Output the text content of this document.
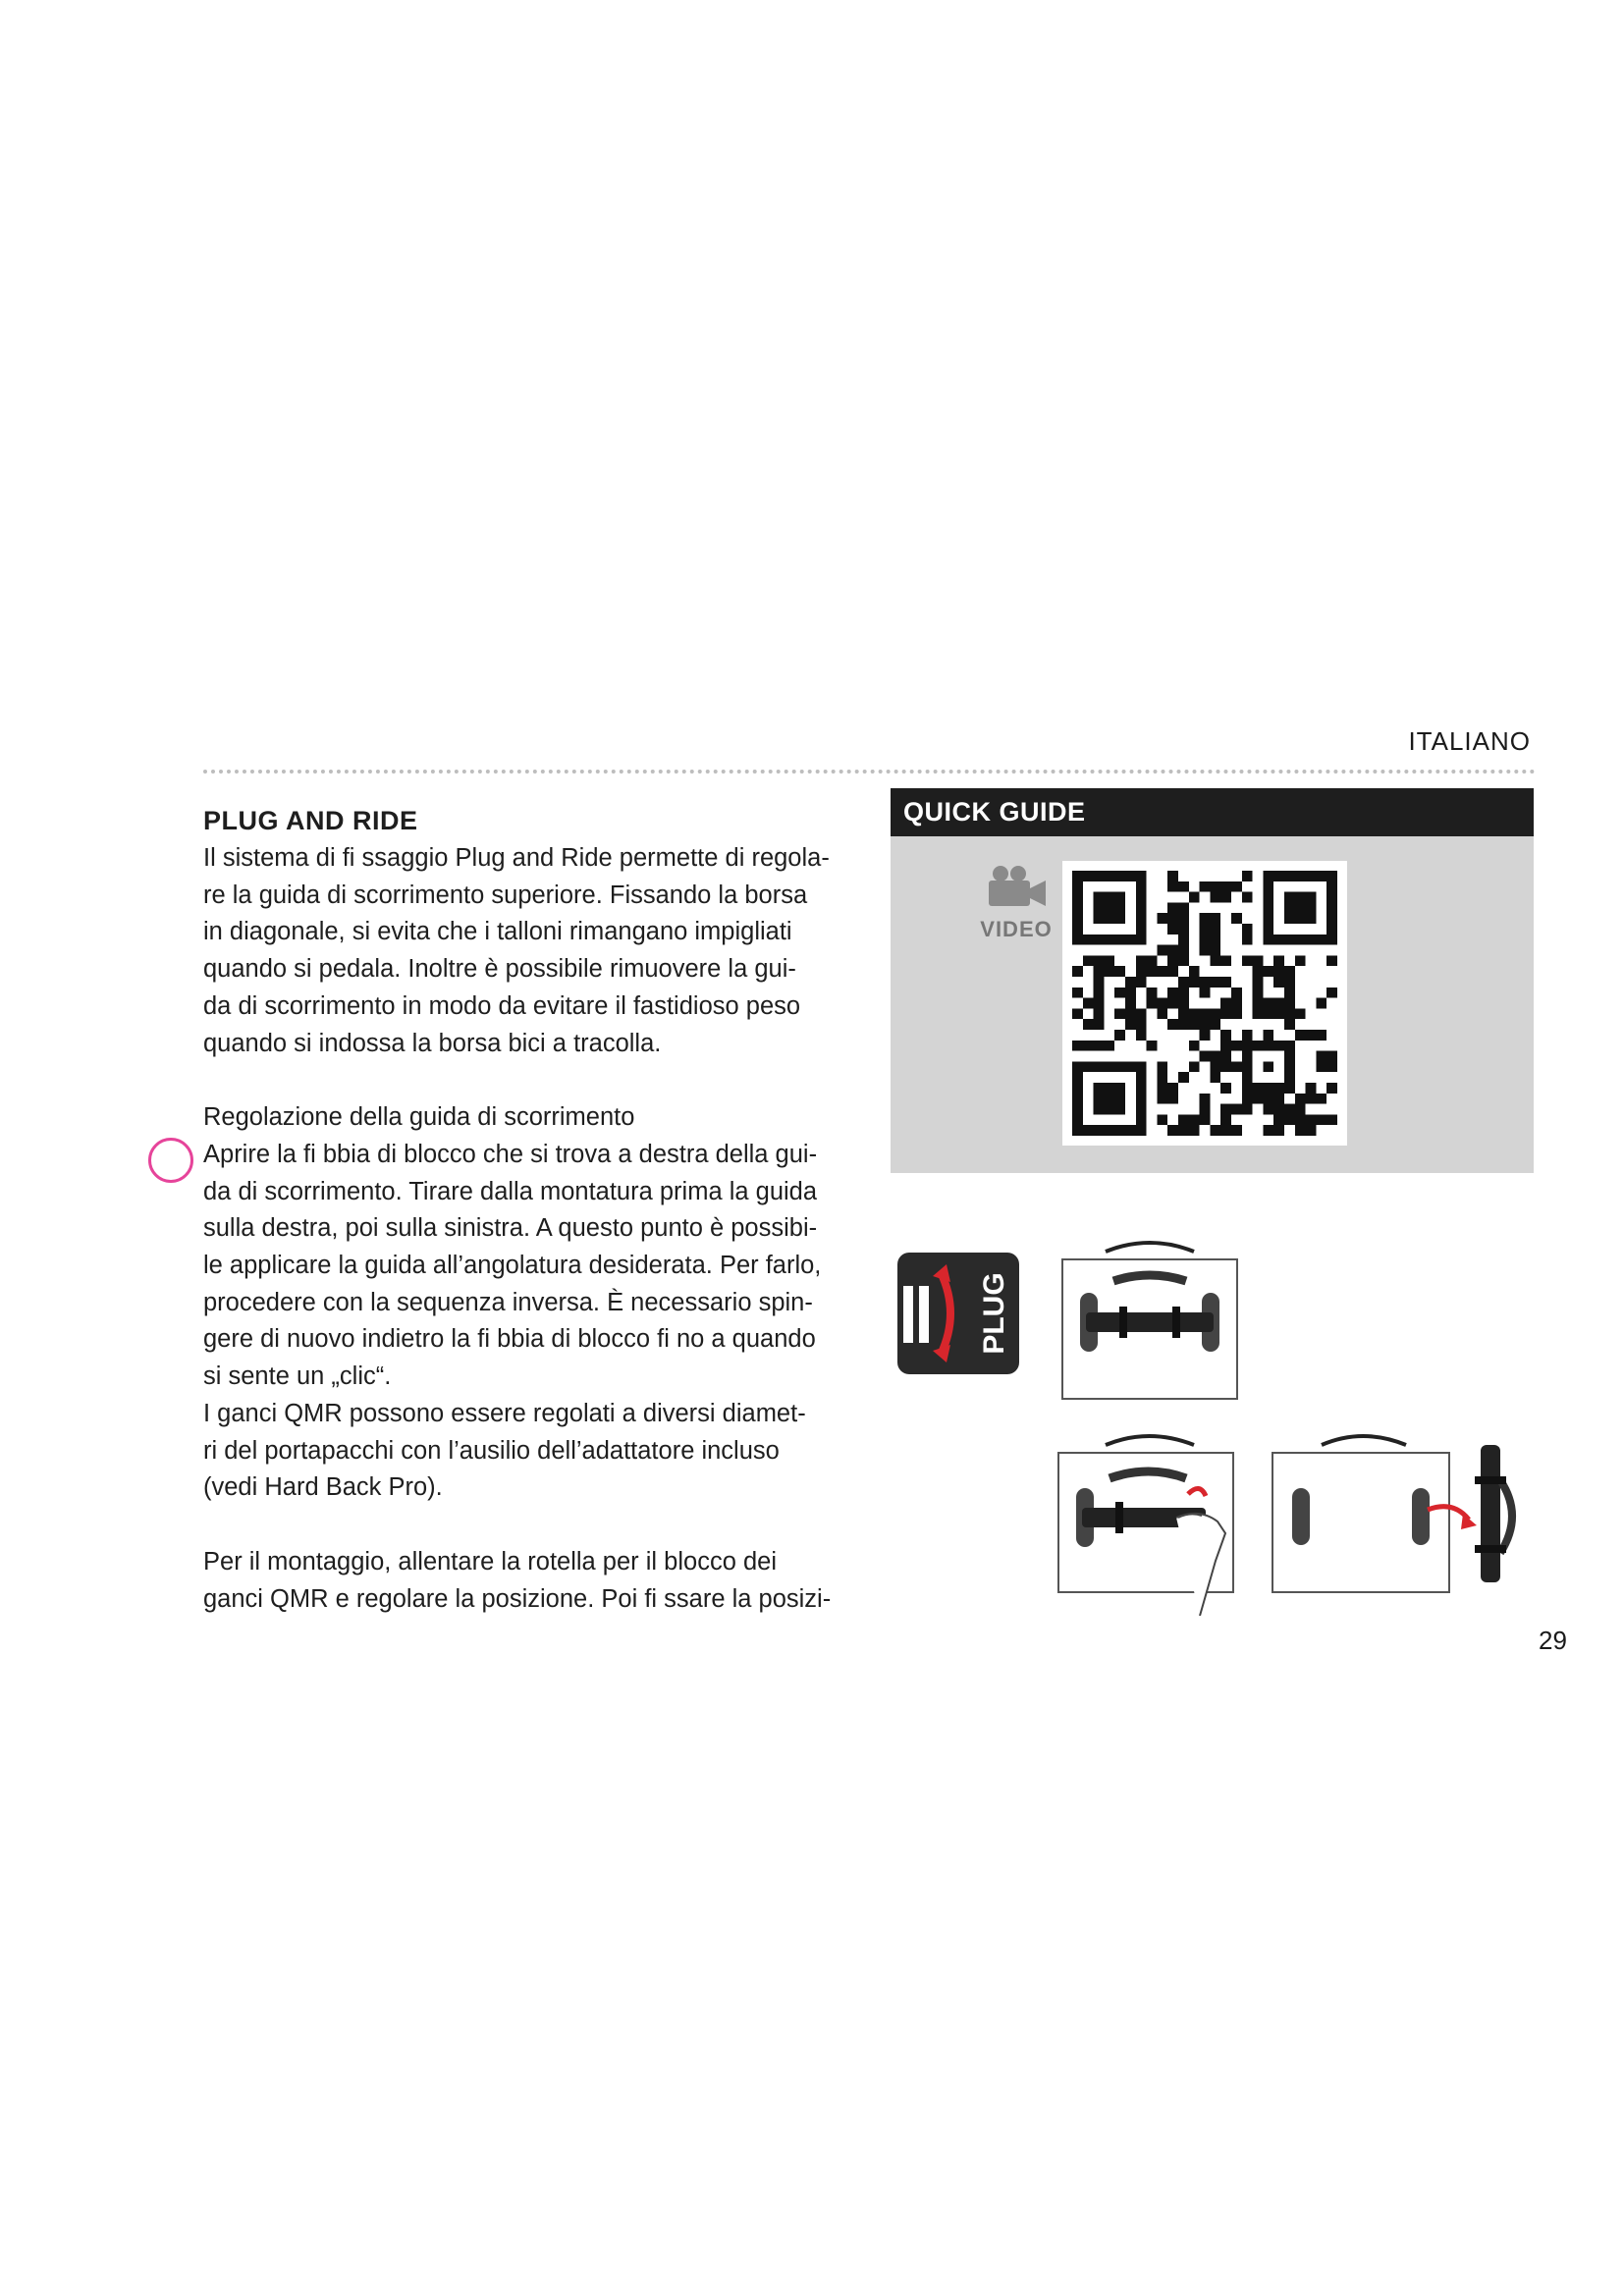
ITALIANO
PLUG AND RIDE

Il sistema di fi ssaggio Plug and Ride permette di regola-
re la guida di scorrimento superiore. Fissando la borsa
in diagonale, si evita che i talloni rimangano impigliati
quando si pedala. Inoltre è possibile rimuovere la gui-
da di scorrimento in modo da evitare il fastidioso peso
quando si indossa la borsa bici a tracolla.

Regolazione della guida di scorrimento

Aprire la fi bbia di blocco che si trova a destra della gui-
da di scorrimento. Tirare dalla montatura prima la guida
sulla destra, poi sulla sinistra. A questo punto è possibi-
le applicare la guida all’angolatura desiderata. Per farlo,
procedere con la sequenza inversa. È necessario spin-
gere di nuovo indietro la fi bbia di blocco fi no a quando
si sente un „clic“.
I ganci QMR possono essere regolati a diversi diamet-
ri del portapacchi con l’ausilio dell’adattatore incluso
(vedi Hard Back Pro).

Per il montaggio, allentare la rotella per il blocco dei
ganci QMR e regolare la posizione. Poi fi ssare la posizi-

QUICK GUIDE
VIDEO
PLUG
29
